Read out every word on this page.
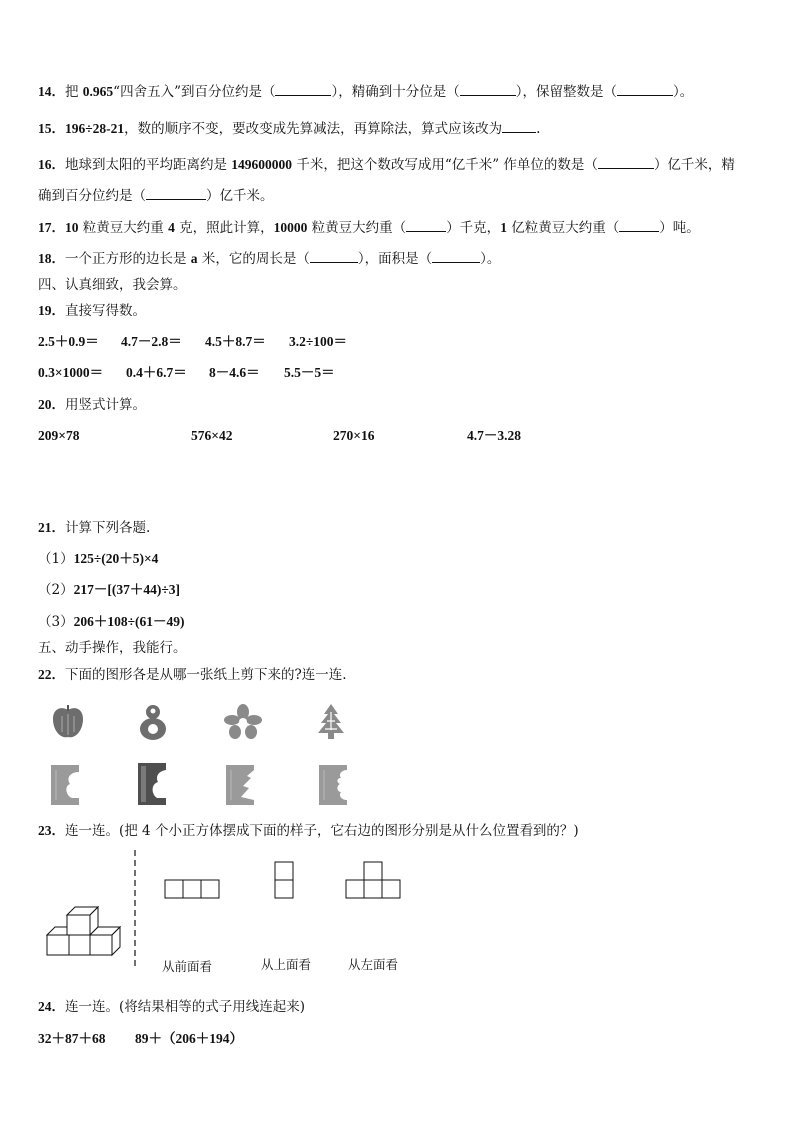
14．把 0.965“四舍五入”到百分位约是（	），精确到十分位是（	），保留整数是（	）。
15．196÷28-21，数的顺序不变，要改变成先算减法，再算除法，算式应该改为	.
16．地球到太阳的平均距离约是 149600000 千米，把这个数改写成用“亿千米” 作单位的数是（	）亿千米，精
确到百分位约是（	）亿千米。
17．10 粒黄豆大约重 4 克，照此计算，10000 粒黄豆大约重（	）千克，1 亿粒黄豆大约重（	）吨。
18．一个正方形的边长是 a 米，它的周长是（	），面积是（	）。
四、认真细致，我会算。
19．直接写得数。
2.5＋0.9＝ 4.7－2.8＝ 4.5＋8.7＝ 3.2÷100＝
0.3×1000＝ 0.4＋6.7＝ 8－4.6＝ 5.5－5＝
20．用竖式计算。
209×78	576×42	270×16	4.7－3.28
21．计算下列各题.
（1）125÷(20＋5)×4
（2）217－[(37＋44)÷3]
（3）206＋108÷(61－49)
五、动手操作，我能行。
22．下面的图形各是从哪一张纸上剪下来的?连一连.
23．连一连。(把 4 个小正方体摆成下面的样子，它右边的图形分别是从什么位置看到的？)
从前面看	从上面看	从左面看
24．连一连。(将结果相等的式子用线连起来)
32＋87＋68 89＋（206＋194）
